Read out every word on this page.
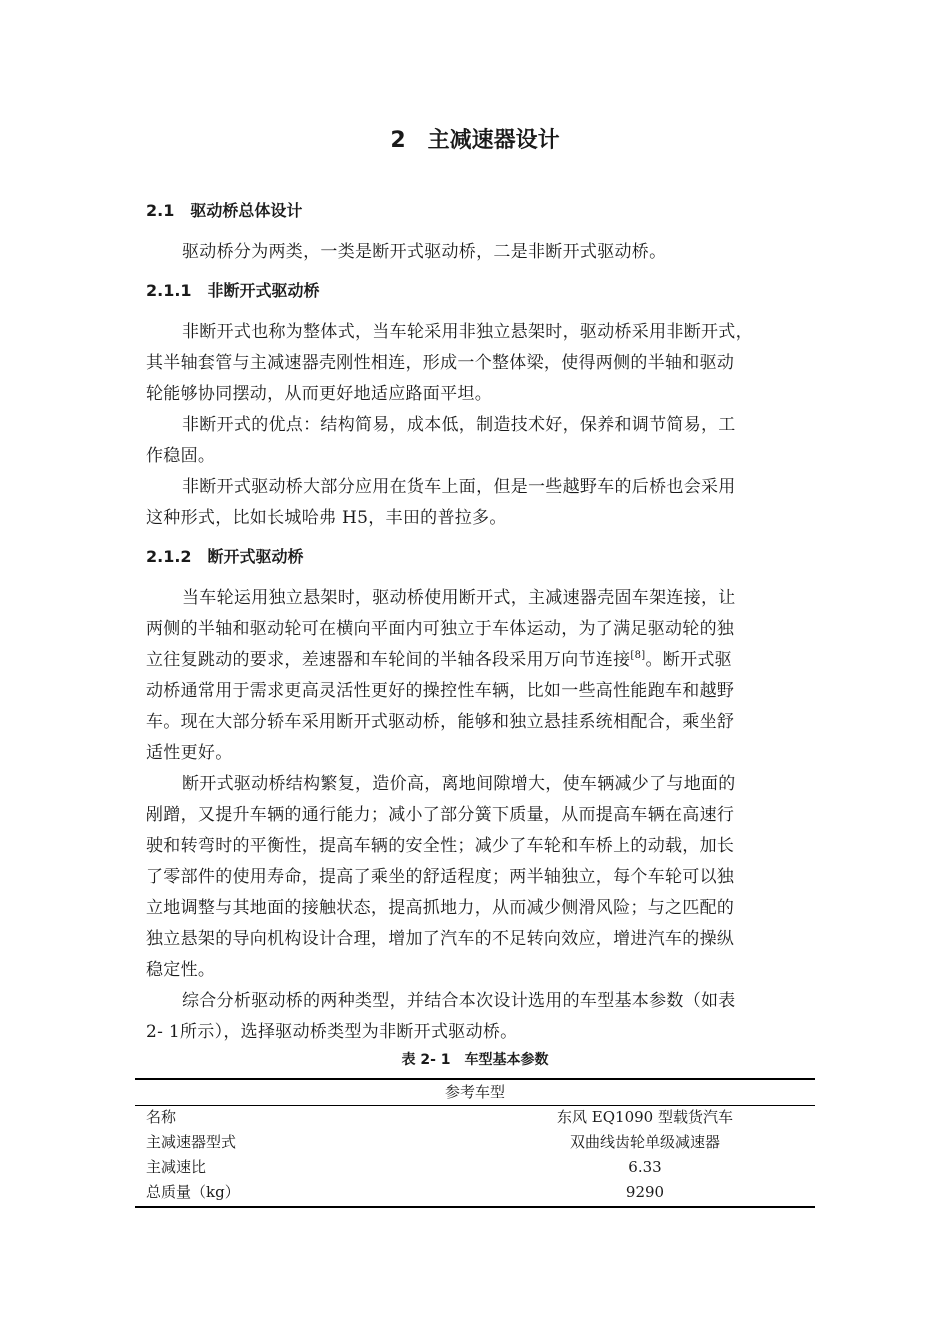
2　主减速器设计
2.1　驱动桥总体设计

驱动桥分为两类，一类是断开式驱动桥，二是非断开式驱动桥。

2.1.1　非断开式驱动桥

非断开式也称为整体式，当车轮采用非独立悬架时，驱动桥采用非断开式，

其半轴套管与主减速器壳刚性相连，形成一个整体梁，使得两侧的半轴和驱动

轮能够协同摆动，从而更好地适应路面平坦。

非断开式的优点：结构简易，成本低，制造技术好，保养和调节简易，工

作稳固。

非断开式驱动桥大部分应用在货车上面，但是一些越野车的后桥也会采用

这种形式，比如长城哈弗 H5，丰田的普拉多。

2.1.2　断开式驱动桥

当车轮运用独立悬架时，驱动桥使用断开式，主减速器壳固车架连接，让

两侧的半轴和驱动轮可在横向平面内可独立于车体运动，为了满足驱动轮的独

立往复跳动的要求，差速器和车轮间的半轴各段采用万向节连接[8]。断开式驱

动桥通常用于需求更高灵活性更好的操控性车辆，比如一些高性能跑车和越野

车。现在大部分轿车采用断开式驱动桥，能够和独立悬挂系统相配合，乘坐舒

适性更好。

断开式驱动桥结构繁复，造价高，离地间隙增大，使车辆减少了与地面的

剐蹭，又提升车辆的通行能力；减小了部分簧下质量，从而提高车辆在高速行

驶和转弯时的平衡性，提高车辆的安全性；减少了车轮和车桥上的动载，加长

了零部件的使用寿命，提高了乘坐的舒适程度；两半轴独立，每个车轮可以独

立地调整与其地面的接触状态，提高抓地力，从而减少侧滑风险；与之匹配的

独立悬架的导向机构设计合理，增加了汽车的不足转向效应，增进汽车的操纵

稳定性。

综合分析驱动桥的两种类型，并结合本次设计选用的车型基本参数（如表

2- 1所示），选择驱动桥类型为非断开式驱动桥。

表 2- 1　车型基本参数
参考车型
名称	东风 EQ1090 型载货汽车
主减速器型式	双曲线齿轮单级减速器
主减速比	6.33
总质量（kg）	9290
